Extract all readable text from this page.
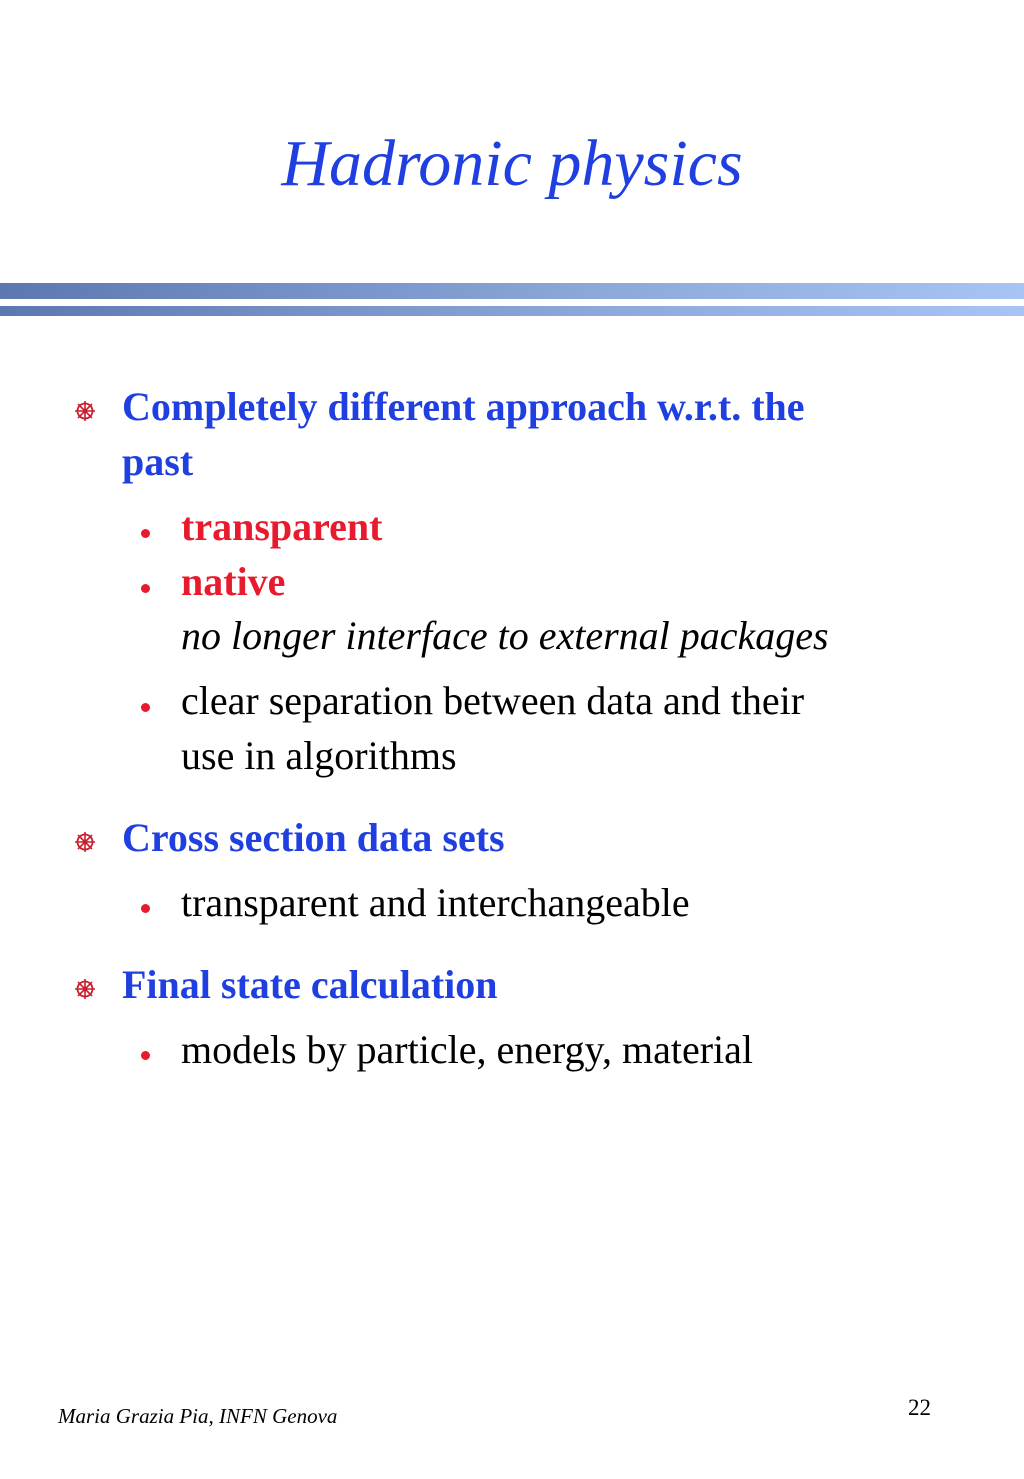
Hadronic physics
Completely different approach w.r.t. the
past
transparent
native
no longer interface to external packages
clear separation between data and their
use in algorithms
Cross section data sets
transparent and interchangeable
Final state calculation
models by particle, energy, material
Maria Grazia Pia, INFN Genova	22
